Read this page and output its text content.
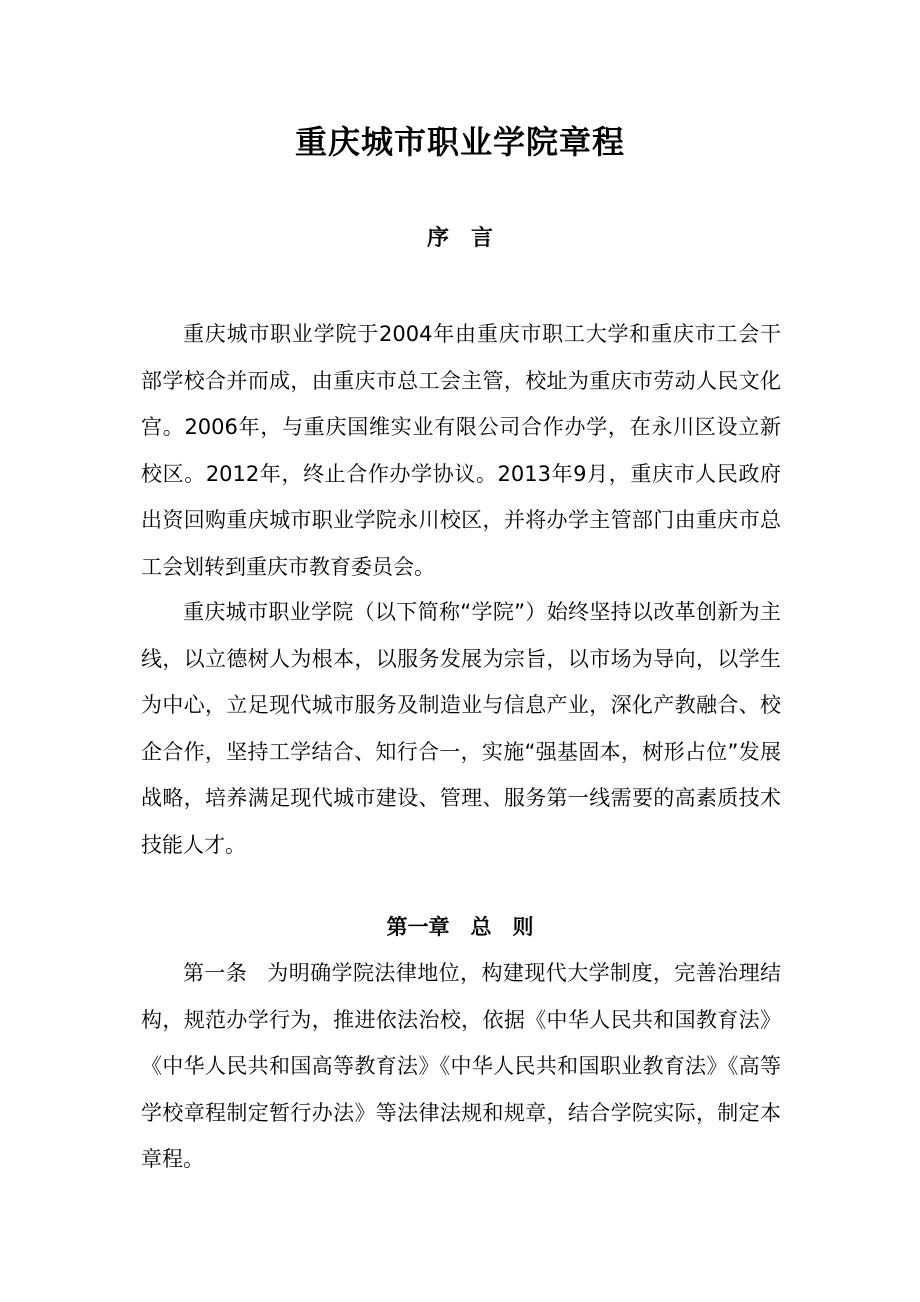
重庆城市职业学院章程
序　言

重庆城市职业学院于2004年由重庆市职工大学和重庆市工会干部学校合并而成，由重庆市总工会主管，校址为重庆市劳动人民文化宫。2006年，与重庆国维实业有限公司合作办学，在永川区设立新校区。2012年，终止合作办学协议。2013年9月，重庆市人民政府出资回购重庆城市职业学院永川校区，并将办学主管部门由重庆市总工会划转到重庆市教育委员会。

重庆城市职业学院（以下简称“学院”）始终坚持以改革创新为主线，以立德树人为根本，以服务发展为宗旨，以市场为导向，以学生为中心，立足现代城市服务及制造业与信息产业，深化产教融合、校企合作，坚持工学结合、知行合一，实施“强基固本，树形占位”发展战略，培养满足现代城市建设、管理、服务第一线需要的高素质技术技能人才。

第一章　总　则

第一条 为明确学院法律地位，构建现代大学制度，完善治理结构，规范办学行为，推进依法治校，依据《中华人民共和国教育法》《中华人民共和国高等教育法》《中华人民共和国职业教育法》《高等学校章程制定暂行办法》等法律法规和规章，结合学院实际，制定本章程。
